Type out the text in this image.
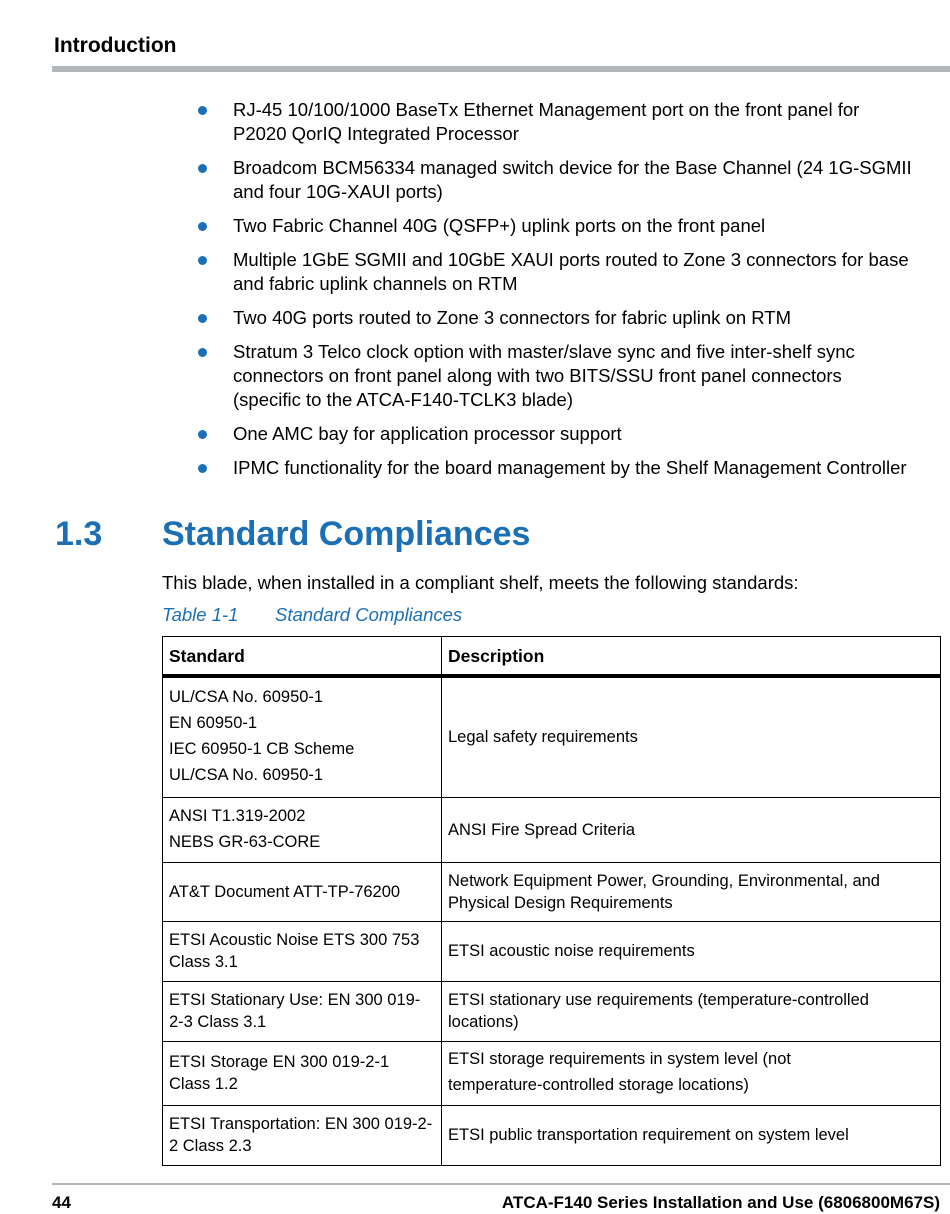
Introduction
RJ-45 10/100/1000 BaseTx Ethernet Management port on the front panel for
P2020 QorIQ Integrated Processor
Broadcom BCM56334 managed switch device for the Base Channel (24 1G-SGMII
and four 10G-XAUI ports)
Two Fabric Channel 40G (QSFP+) uplink ports on the front panel
Multiple 1GbE SGMII and 10GbE XAUI ports routed to Zone 3 connectors for base
and fabric uplink channels on RTM
Two 40G ports routed to Zone 3 connectors for fabric uplink on RTM
Stratum 3 Telco clock option with master/slave sync and five inter-shelf sync
connectors on front panel along with two BITS/SSU front panel connectors
(specific to the ATCA-F140-TCLK3 blade)
One AMC bay for application processor support
IPMC functionality for the board management by the Shelf Management Controller
1.3 Standard Compliances
This blade, when installed in a compliant shelf, meets the following standards:
Table 1-1 Standard Compliances
Standard	Description

UL/CSA No. 60950-1
EN 60950-1
IEC 60950-1 CB Scheme
UL/CSA No. 60950-1	Legal safety requirements

ANSI T1.319-2002
NEBS GR-63-CORE	ANSI Fire Spread Criteria

AT&T Document ATT-TP-76200	Network Equipment Power, Grounding, Environmental, and
Physical Design Requirements

ETSI Acoustic Noise ETS 300 753
Class 3.1	ETSI acoustic noise requirements

ETSI Stationary Use: EN 300 019-
2-3 Class 3.1	ETSI stationary use requirements (temperature-controlled
locations)

ETSI Storage EN 300 019-2-1
Class 1.2	ETSI storage requirements in system level (not
temperature-controlled storage locations)

ETSI Transportation: EN 300 019-2-
2 Class 2.3	ETSI public transportation requirement on system level
44	ATCA-F140 Series Installation and Use (6806800M67S)
